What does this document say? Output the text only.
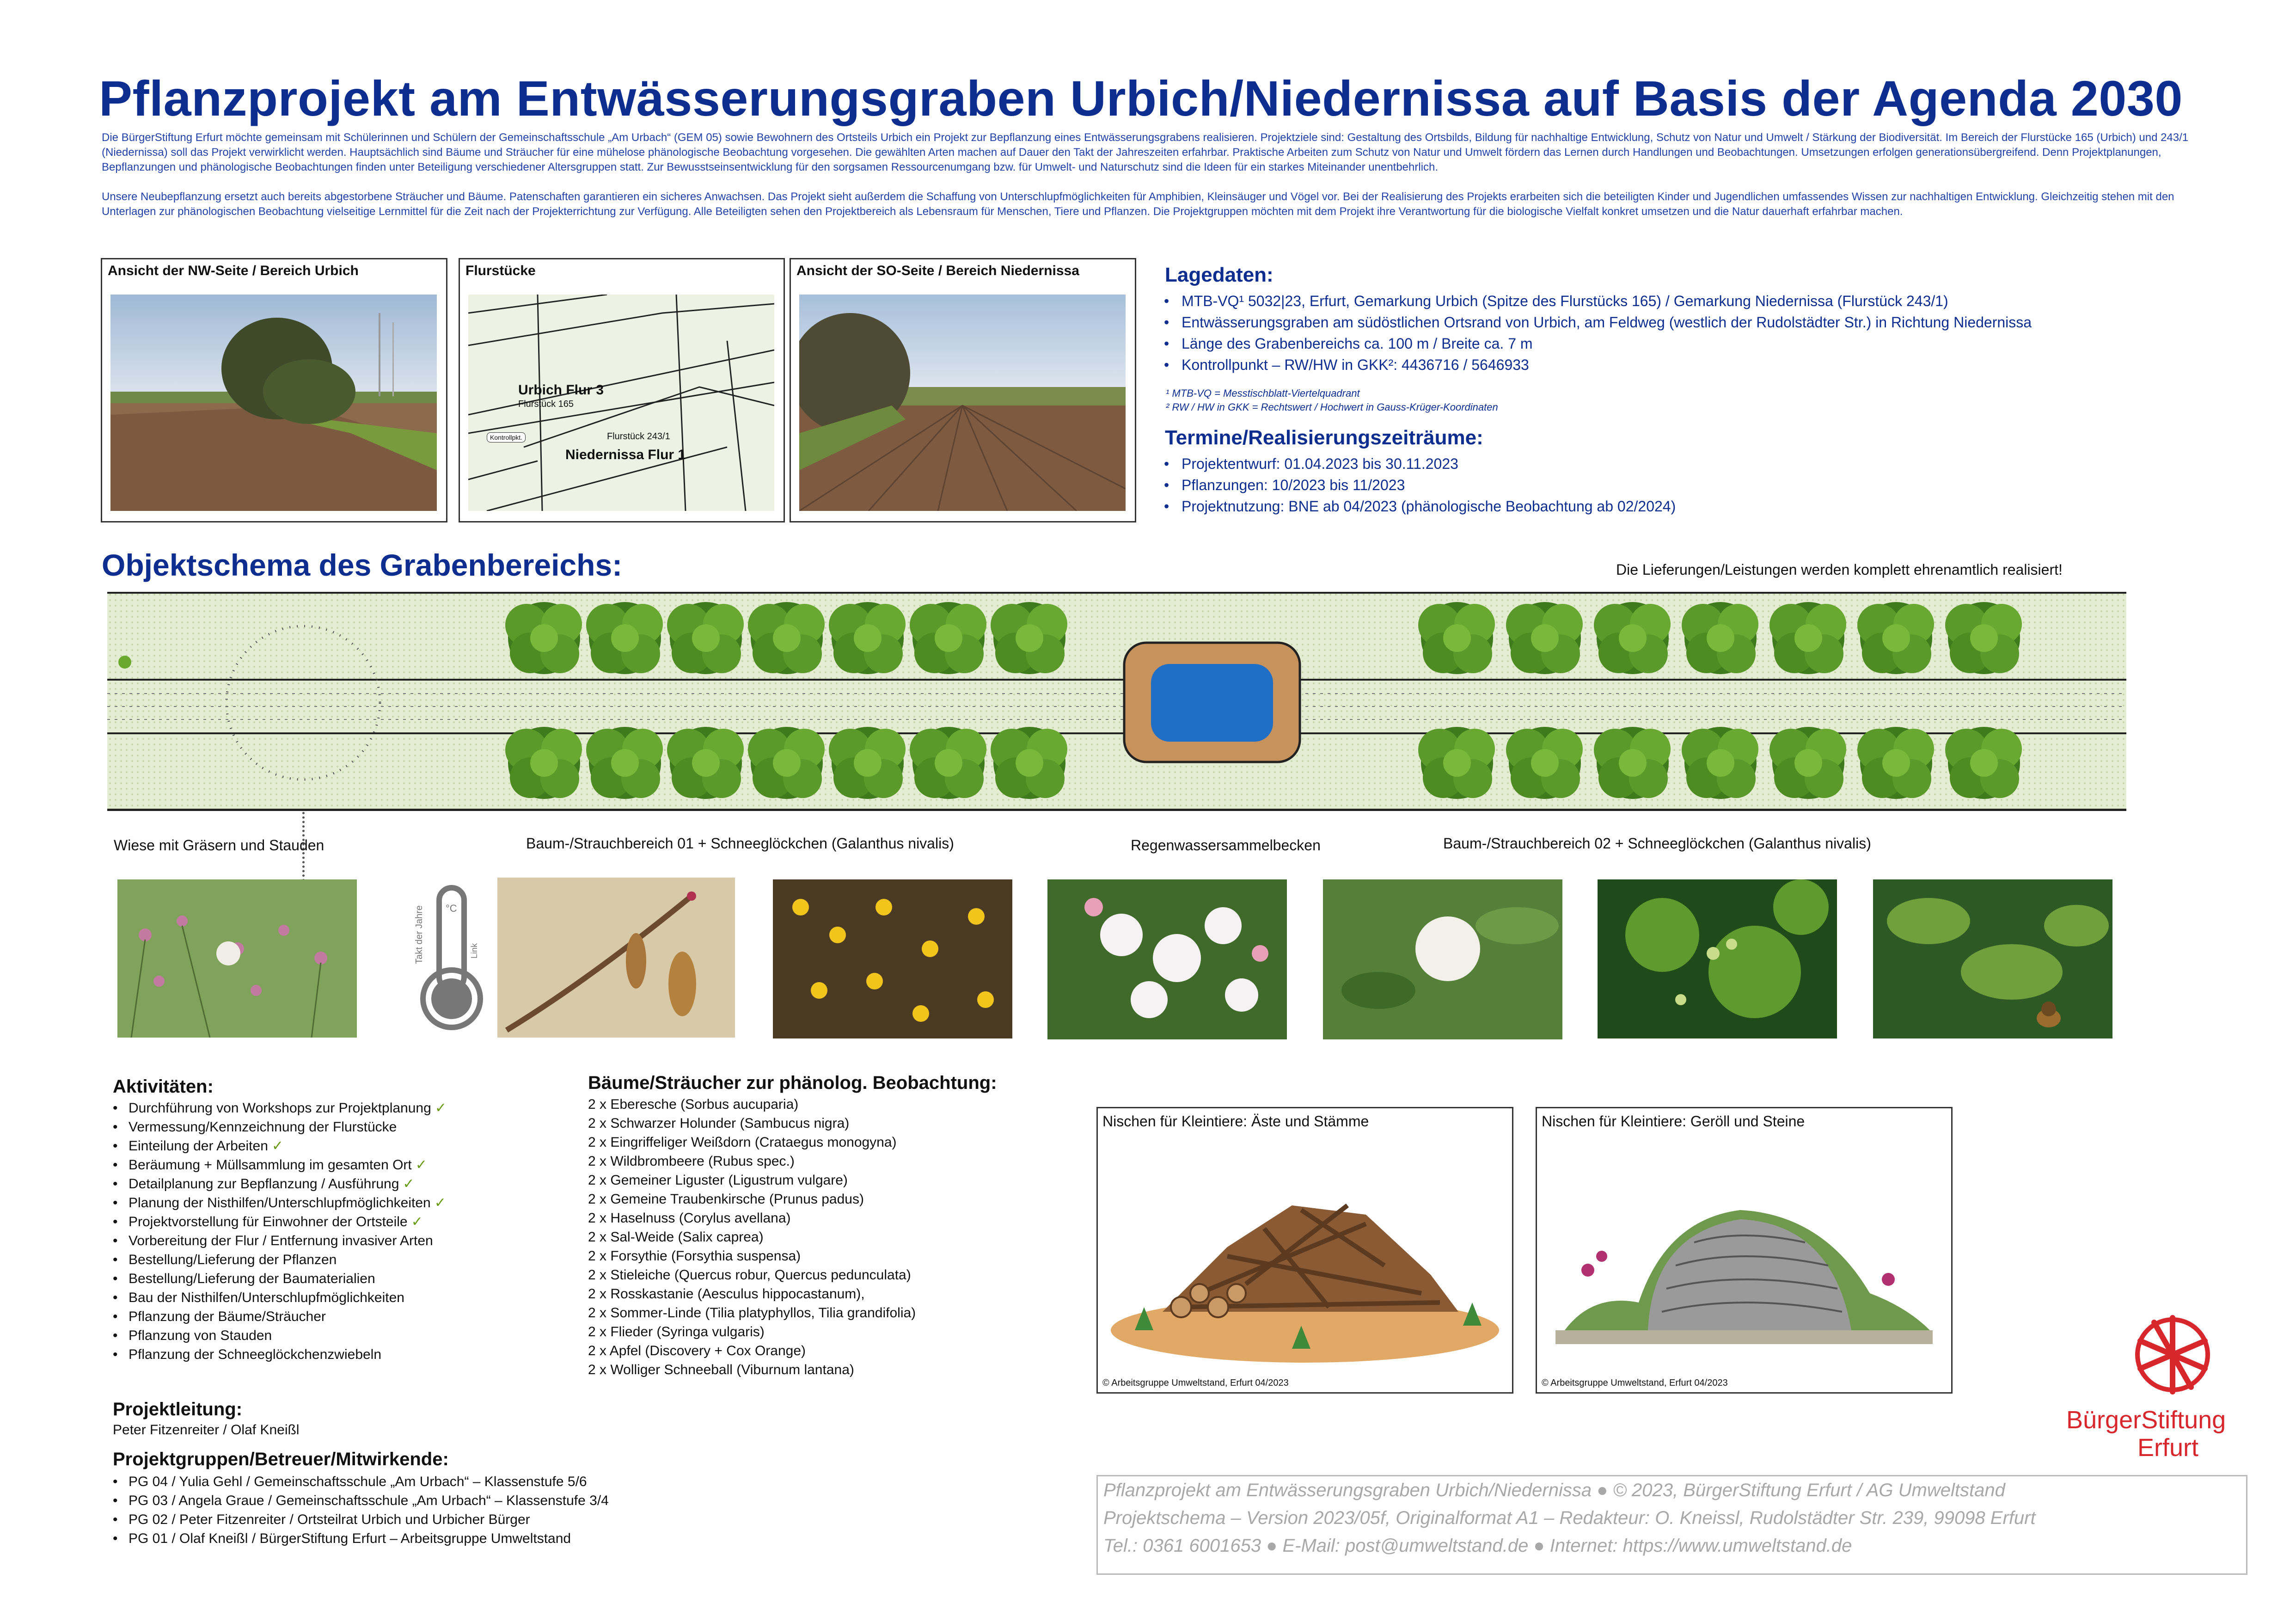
Pflanzprojekt am Entwässerungsgraben Urbich/Niedernissa auf Basis der Agenda 2030
Die BürgerStiftung Erfurt möchte gemeinsam mit Schülerinnen und Schülern der Gemeinschaftsschule „Am Urbach“ (GEM 05) sowie Bewohnern des Ortsteils Urbich ein Projekt zur Bepflanzung eines Entwässerungsgrabens realisieren. Projektziele sind: Gestaltung des Ortsbilds, Bildung für nachhaltige Entwicklung, Schutz von Natur und Umwelt / Stärkung der Biodiversität. Im Bereich der Flurstücke 165 (Urbich) und 243/1 (Niedernissa) soll das Projekt verwirklicht werden. Hauptsächlich sind Bäume und Sträucher für eine mühelose phänologische Beobachtung vorgesehen. Die gewählten Arten machen auf Dauer den Takt der Jahreszeiten erfahrbar. Praktische Arbeiten zum Schutz von Natur und Umwelt fördern das Lernen durch Handlungen und Beobachtungen. Umsetzungen erfolgen generationsübergreifend. Denn Projektplanungen, Bepflanzungen und phänologische Beobachtungen finden unter Beteiligung verschiedener Altersgruppen statt. Zur Bewusstseinsentwicklung für den sorgsamen Ressourcenumgang bzw. für Umwelt- und Naturschutz sind die Ideen für ein starkes Miteinander unentbehrlich.
Unsere Neubepflanzung ersetzt auch bereits abgestorbene Sträucher und Bäume. Patenschaften garantieren ein sicheres Anwachsen. Das Projekt sieht außerdem die Schaffung von Unterschlupfmöglichkeiten für Amphibien, Kleinsäuger und Vögel vor. Bei der Realisierung des Projekts erarbeiten sich die beteiligten Kinder und Jugendlichen umfassendes Wissen zur nachhaltigen Entwicklung. Gleichzeitig stehen mit den Unterlagen zur phänologischen Beobachtung vielseitige Lernmittel für die Zeit nach der Projekterrichtung zur Verfügung. Alle Beteiligten sehen den Projektbereich als Lebensraum für Menschen, Tiere und Pflanzen. Die Projektgruppen möchten mit dem Projekt ihre Verantwortung für die biologische Vielfalt konkret umsetzen und die Natur dauerhaft erfahrbar machen.
Ansicht der NW-Seite / Bereich Urbich	Flurstücke
Urbich Flur 3
Flurstück 165
Kontrollpkt.	Flurstück 243/1
Niedernissa Flur 1
Ansicht der SO-Seite / Bereich Niedernissa	Lagedaten:
• MTB-VQ¹ 5032|23, Erfurt, Gemarkung Urbich (Spitze des Flurstücks 165) / Gemarkung Niedernissa (Flurstück 243/1)
• Entwässerungsgraben am südöstlichen Ortsrand von Urbich, am Feldweg (westlich der Rudolstädter Str.) in Richtung Niedernissa
• Länge des Grabenbereichs ca. 100 m / Breite ca. 7 m
• Kontrollpunkt – RW/HW in GKK²: 4436716 / 5646933
¹ MTB-VQ = Messtischblatt-Viertelquadrant
² RW / HW in GKK = Rechtswert / Hochwert in Gauss-Krüger-Koordinaten
Termine/Realisierungszeiträume:
• Projektentwurf: 01.04.2023 bis 30.11.2023
• Pflanzungen: 10/2023 bis 11/2023
• Projektnutzung: BNE ab 04/2023 (phänologische Beobachtung ab 02/2024)
Objektschema des Grabenbereichs:	Die Lieferungen/Leistungen werden komplett ehrenamtlich realisiert!
Wiese mit Gräsern und Stauden	Baum-/Strauchbereich 01 + Schneeglöckchen (Galanthus nivalis)	Regenwassersammelbecken	Baum-/Strauchbereich 02 + Schneeglöckchen (Galanthus nivalis)
°C
Takt der Jahre	Link
Aktivitäten:
• Durchführung von Workshops zur Projektplanung ✓
• Vermessung/Kennzeichnung der Flurstücke
• Einteilung der Arbeiten ✓
• Beräumung + Müllsammlung im gesamten Ort ✓
• Detailplanung zur Bepflanzung / Ausführung ✓
• Planung der Nisthilfen/Unterschlupfmöglichkeiten ✓
• Projektvorstellung für Einwohner der Ortsteile ✓
• Vorbereitung der Flur / Entfernung invasiver Arten
• Bestellung/Lieferung der Pflanzen
• Bestellung/Lieferung der Baumaterialien
• Bau der Nisthilfen/Unterschlupfmöglichkeiten
• Pflanzung der Bäume/Sträucher
• Pflanzung von Stauden
• Pflanzung der Schneeglöckchenzwiebeln
Bäume/Sträucher zur phänolog. Beobachtung:
2 x Eberesche (Sorbus aucuparia)
2 x Schwarzer Holunder (Sambucus nigra)
2 x Eingriffeliger Weißdorn (Crataegus monogyna)
2 x Wildbrombeere (Rubus spec.)
2 x Gemeiner Liguster (Ligustrum vulgare)
2 x Gemeine Traubenkirsche (Prunus padus)
2 x Haselnuss (Corylus avellana)
2 x Sal-Weide (Salix caprea)
2 x Forsythie (Forsythia suspensa)
2 x Stieleiche (Quercus robur, Quercus pedunculata)
2 x Rosskastanie (Aesculus hippocastanum),
2 x Sommer-Linde (Tilia platyphyllos, Tilia grandifolia)
2 x Flieder (Syringa vulgaris)
2 x Apfel (Discovery + Cox Orange)
2 x Wolliger Schneeball (Viburnum lantana)
Nischen für Kleintiere: Äste und Stämme
© Arbeitsgruppe Umweltstand, Erfurt 04/2023
Nischen für Kleintiere: Geröll und Steine
© Arbeitsgruppe Umweltstand, Erfurt 04/2023
Projektleitung:
Peter Fitzenreiter / Olaf Kneißl
Projektgruppen/Betreuer/Mitwirkende:
• PG 04 / Yulia Gehl / Gemeinschaftsschule „Am Urbach“ – Klassenstufe 5/6
• PG 03 / Angela Graue / Gemeinschaftsschule „Am Urbach“ – Klassenstufe 3/4
• PG 02 / Peter Fitzenreiter / Ortsteilrat Urbich und Urbicher Bürger
• PG 01 / Olaf Kneißl / BürgerStiftung Erfurt – Arbeitsgruppe Umweltstand
BürgerStiftung
Erfurt
Pflanzprojekt am Entwässerungsgraben Urbich/Niedernissa ● © 2023, BürgerStiftung Erfurt / AG Umweltstand
Projektschema – Version 2023/05f, Originalformat A1 – Redakteur: O. Kneissl, Rudolstädter Str. 239, 99098 Erfurt
Tel.: 0361 6001653 ● E-Mail: post@umweltstand.de ● Internet: https://www.umweltstand.de
